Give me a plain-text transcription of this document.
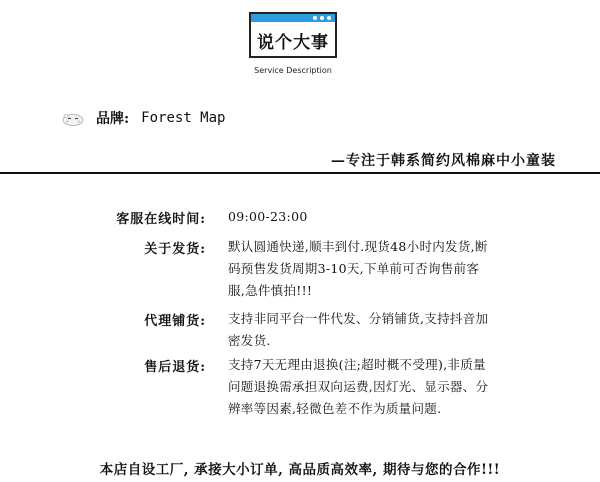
说个大事
Service Description
品牌: Forest Map
—专注于韩系简约风棉麻中小童装
客服在线时间: 09:00-23:00
关于发货: 默认圆通快递,顺丰到付.现货48小时内发货,断码预售发货周期3-10天,下单前可否询售前客服,急件慎拍!!!
代理铺货: 支持非同平台一件代发、分销铺货,支持抖音加密发货.
售后退货: 支持7天无理由退换(注;超时概不受理),非质量问题退换需承担双向运费,因灯光、显示器、分辨率等因素,轻微色差不作为质量问题.
本店自设工厂, 承接大小订单, 高品质高效率, 期待与您的合作!!!
